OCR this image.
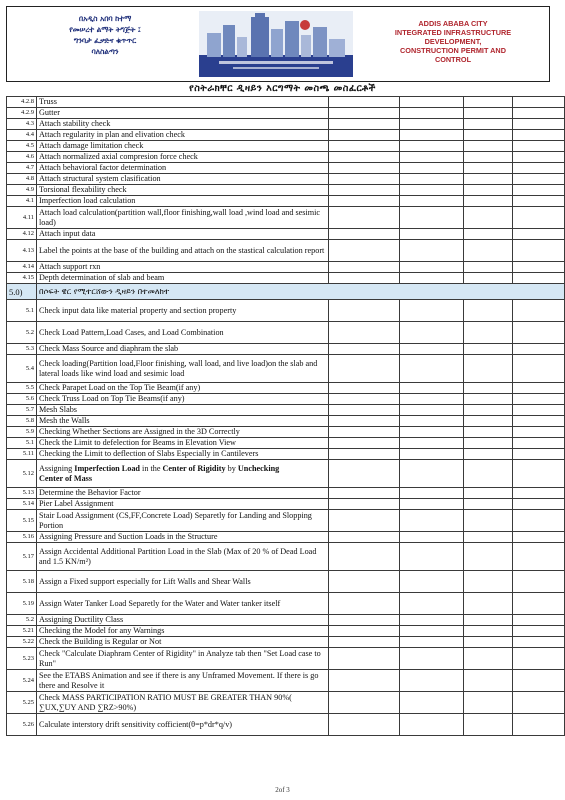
በአዲስ አበባ ከተማ
የመሠረተ ልማት ትግጅት ፤
ግንባታ ፈቃድና ቁጥጥር
ባለስልጣን
ADDIS ABABA CITY
INTEGRATED INFRASTRUCTURE
DEVELOPMENT,
CONSTRUCTION PERMIT AND
CONTROL
የስትራክቸር ዲዛይን እርግማት መስጫ መስፈርቶች
4.2.8	Truss				
4.2.9	Gutter				
4.3	Attach stability check				
4.4	Attach regularity in plan and elivation check				
4.5	Attach damage limitation check				
4.6	Attach normalized axial compresion force check				
4.7	Attach behavioral factor determination				
4.8	Attach structural system clasification				
4.9	Torsional flexability check				
4.1	Imperfection load calculation				
4.11	Attach load calculation(partition wall,floor finishing,wall load ,wind load and sesimic load)				
4.12	Attach input data				
4.13	Label the points at the base of the building and attach on the stastical calculation report				
4.14	Attach support rxn				
4.15	Depth determination of slab and beam				
5.0)	በሶፍት ዌር የሚተርሸውን ዲዛይን በተመለከተ				
5.1	Check input data like material property and section property				
5.2	Check Load Pattern,Load Cases, and Load Combination				
5.3	Check Mass Source and diaphram the slab				
5.4	Check loading(Partition load,Floor finishing, wall load, and live load)on the slab and lateral loads like wind load and sesimic load				
5.5	Check Parapet Load on the Top Tie Beam(if any)				
5.6	Check Truss Load on Top Tie Beams(if any)				
5.7	Mesh Slabs				
5.8	Mesh the Walls				
5.9	Checking Whether Sections are Assigned in the 3D Correctly				
5.1	Check the Limit to defelection for Beams in Elevation View				
5.11	Checking the Limit to deflection of Slabs Especially in Cantilevers				
5.12	Assigning Imperfection Load in the Center of Rigidity by Unchecking
Center of Mass				
5.13	Determine the Behavior Factor				
5.14	Pier Label Assignment				
5.15	Stair Load Assignment (CS,FF,Concrete Load) Separetly for Landing and Slopping Portion				
5.16	Assigning Pressure and Suction Loads in the Structure				
5.17	Assign Accidental Additional Partition Load in the Slab (Max of 20 % of Dead Load and 1.5 KN/m²)				
5.18	Assign a Fixed support especially for Lift Walls and Shear Walls				
5.19	Assign Water Tanker Load Separetly for the Water and Water tanker itself				
5.2	Assigning Ductility Class				
5.21	Checking the Model for any Warnings				
5.22	Check the Building is Regular or Not				
5.23	Check "Calculate Diaphram Center of Rigidity" in Analyze tab then "Set Load case to Run"				
5.24	See the ETABS Animation and see if there is any Unframed Movement. If there is go there and Resolve it				
5.25	Check MASS PARTICIPATION RATIO MUST BE GREATER THAN 90%( ∑UX,∑UY AND ∑RZ>90%)				
5.26	Calculate interstory drift sensitivity cofficient(θ=p*dr*q/v)				
2of 3
